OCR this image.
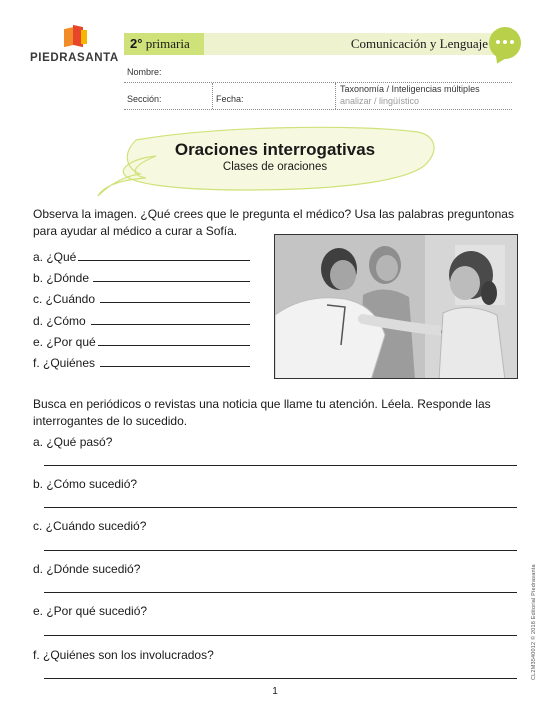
PIEDRASANTA
2° primaria	Comunicación y Lenguaje
Nombre:
Sección:	Fecha:
Taxonomía / Inteligencias múltiples
analizar / lingüístico
Oraciones interrogativas
Clases de oraciones
Observa la imagen. ¿Qué crees que le pregunta el médico? Usa las palabras preguntonas para ayudar al médico a curar a Sofía.
a. ¿Qué
b. ¿Dónde
c. ¿Cuándo
d. ¿Cómo
e. ¿Por qué
f. ¿Quiénes
Busca en periódicos o revistas una noticia que llame tu atención. Léela. Responde las interrogantes de lo sucedido.
a. ¿Qué pasó?
b. ¿Cómo sucedió?
c. ¿Cuándo sucedió?
d. ¿Dónde sucedió?
e. ¿Por qué sucedió?
f. ¿Quiénes son los involucrados?	CL2M3540012 © 2018 Editorial Piedrasanta
1
